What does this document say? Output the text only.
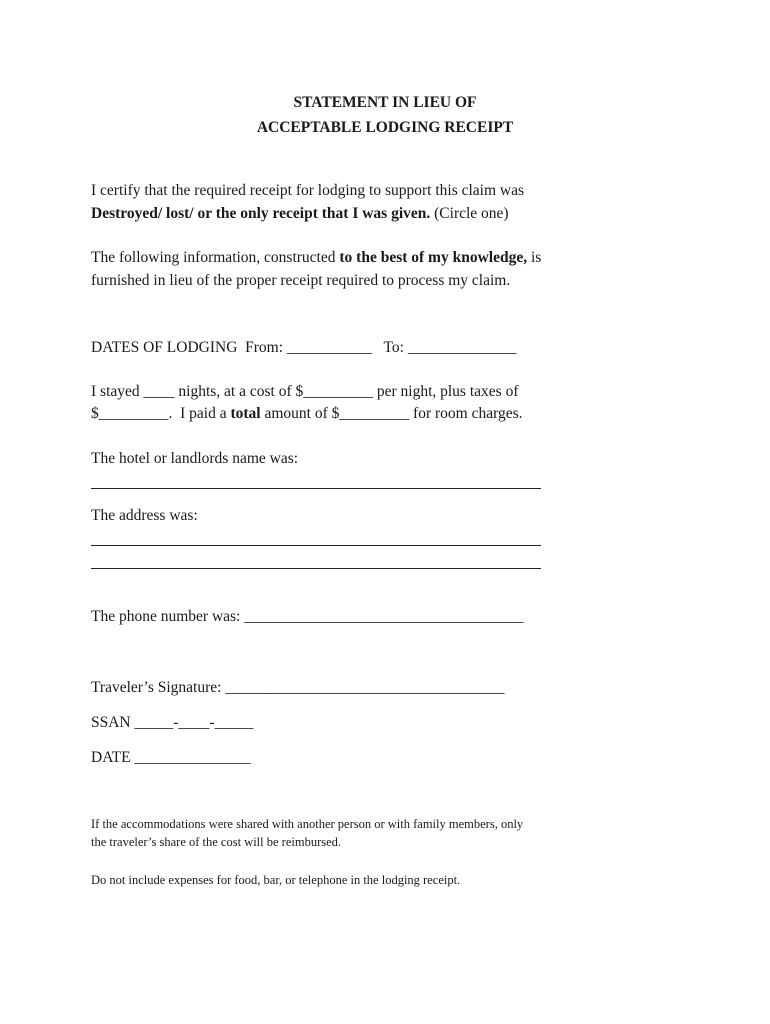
STATEMENT IN LIEU OF
ACCEPTABLE LODGING RECEIPT
I certify that the required receipt for lodging to support this claim was
Destroyed/ lost/ or the only receipt that I was given. (Circle one)
The following information, constructed to the best of my knowledge, is
furnished in lieu of the proper receipt required to process my claim.
DATES OF LODGING  From: ___________   To: ______________
I stayed ____ nights, at a cost of $_________ per night, plus taxes of
$_________.  I paid a total amount of $_________ for room charges.
The hotel or landlords name was:
The address was:
The phone number was: ____________________________________
Traveler’s Signature: ____________________________________
SSAN _____-____-_____
DATE _______________
If the accommodations were shared with another person or with family members, only
the traveler’s share of the cost will be reimbursed.
Do not include expenses for food, bar, or telephone in the lodging receipt.
